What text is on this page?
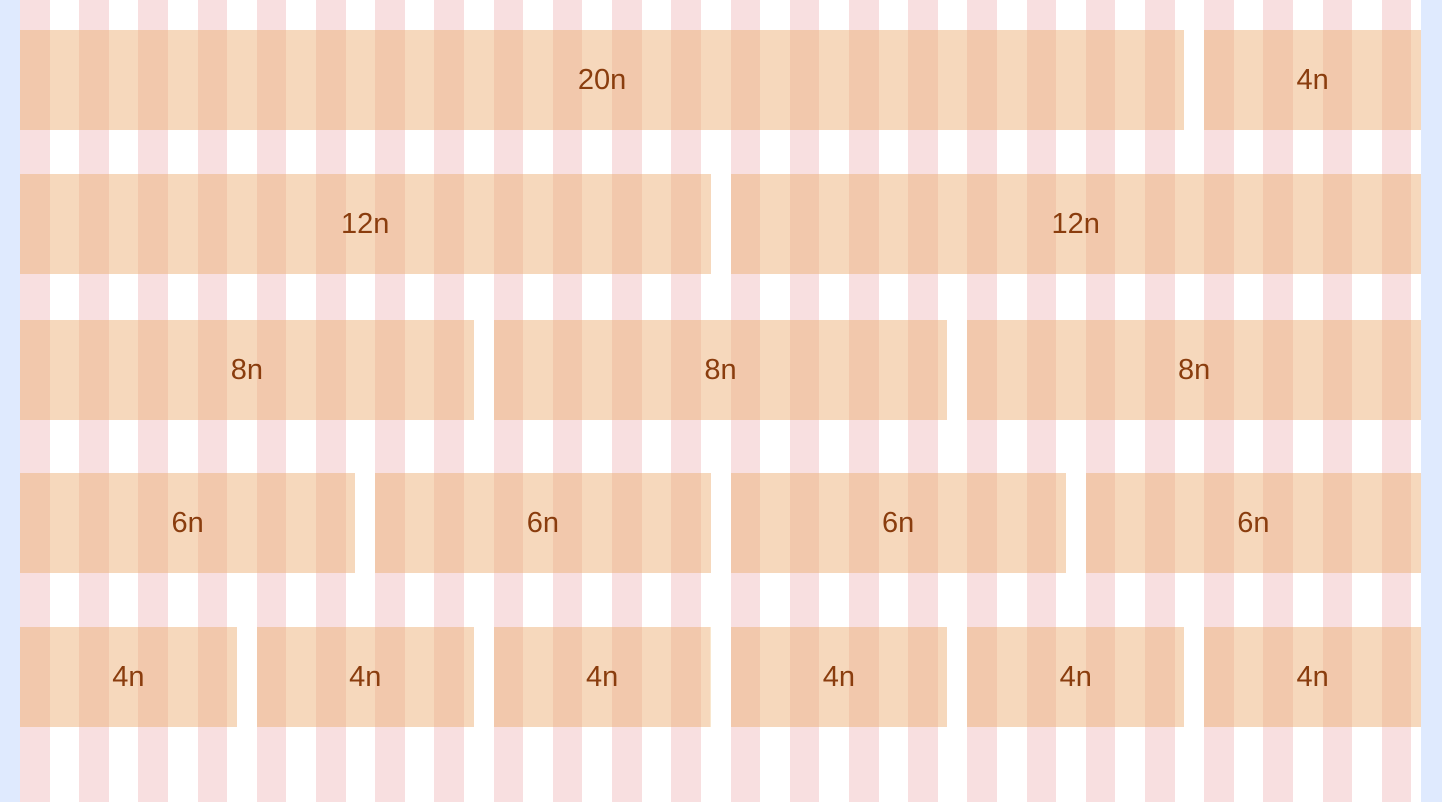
20n	4n
12n	12n
8n	8n	8n
6n	6n	6n	6n
4n	4n	4n	4n	4n	4n
